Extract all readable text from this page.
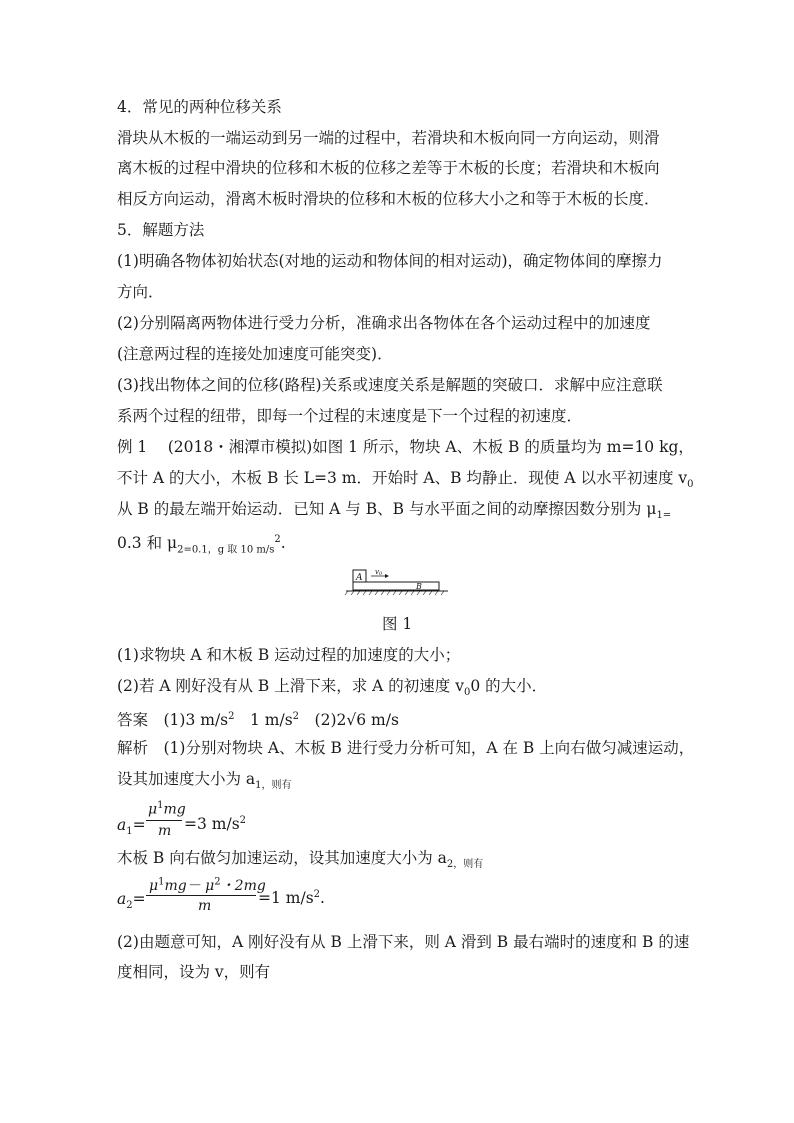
4．常见的两种位移关系
滑块从木板的一端运动到另一端的过程中，若滑块和木板向同一方向运动，则滑
离木板的过程中滑块的位移和木板的位移之差等于木板的长度；若滑块和木板向
相反方向运动，滑离木板时滑块的位移和木板的位移大小之和等于木板的长度．
5．解题方法
(1)明确各物体初始状态(对地的运动和物体间的相对运动)，确定物体间的摩擦力
方向．
(2)分别隔离两物体进行受力分析，准确求出各物体在各个运动过程中的加速度
(注意两过程的连接处加速度可能突变)．
(3)找出物体之间的位移(路程)关系或速度关系是解题的突破口．求解中应注意联
系两个过程的纽带，即每一个过程的末速度是下一个过程的初速度．
例 1　 (2018・湘潭市模拟)如图 1 所示，物块 A、木板 B 的质量均为 m=10 kg，
不计 A 的大小，木板 B 长 L=3 m．开始时 A、B 均静止．现使 A 以水平初速度 $v_0$
从 B 的最左端开始运动．已知 A 与 B、B 与水平面之间的动摩擦因数分别为 $\mu_{1=}$
0.3 和 $\mu_{2=0.1,g 取 10 m/s}^2$.
A
v0
B
图 1
(1)求物块 A 和木板 B 运动过程的加速度的大小；
(2)若 A 刚好没有从 B 上滑下来，求 A 的初速度 $v_00$ 的大小．
答案　(1)3 $m/s^2$　1 $m/s^2$　(2)2√6 m/s
解析　(1)分别对物块 A、木板 B 进行受力分析可知，A 在 B 上向右做匀减速运动，
设其加速度大小为 $a_{1,则有}$
$a_1=$
$\mu^1mg$
m =3 $m/s^2$
木板 B 向右做匀加速运动，设其加速度大小为 $a_{2,则有}$
$a_2=$
$\mu^1mg- \mu^2$・2mg
m	=1 $m/s^2$.
(2)由题意可知，A 刚好没有从 B 上滑下来，则 A 滑到 B 最右端时的速度和 B 的速
度相同，设为 v，则有
